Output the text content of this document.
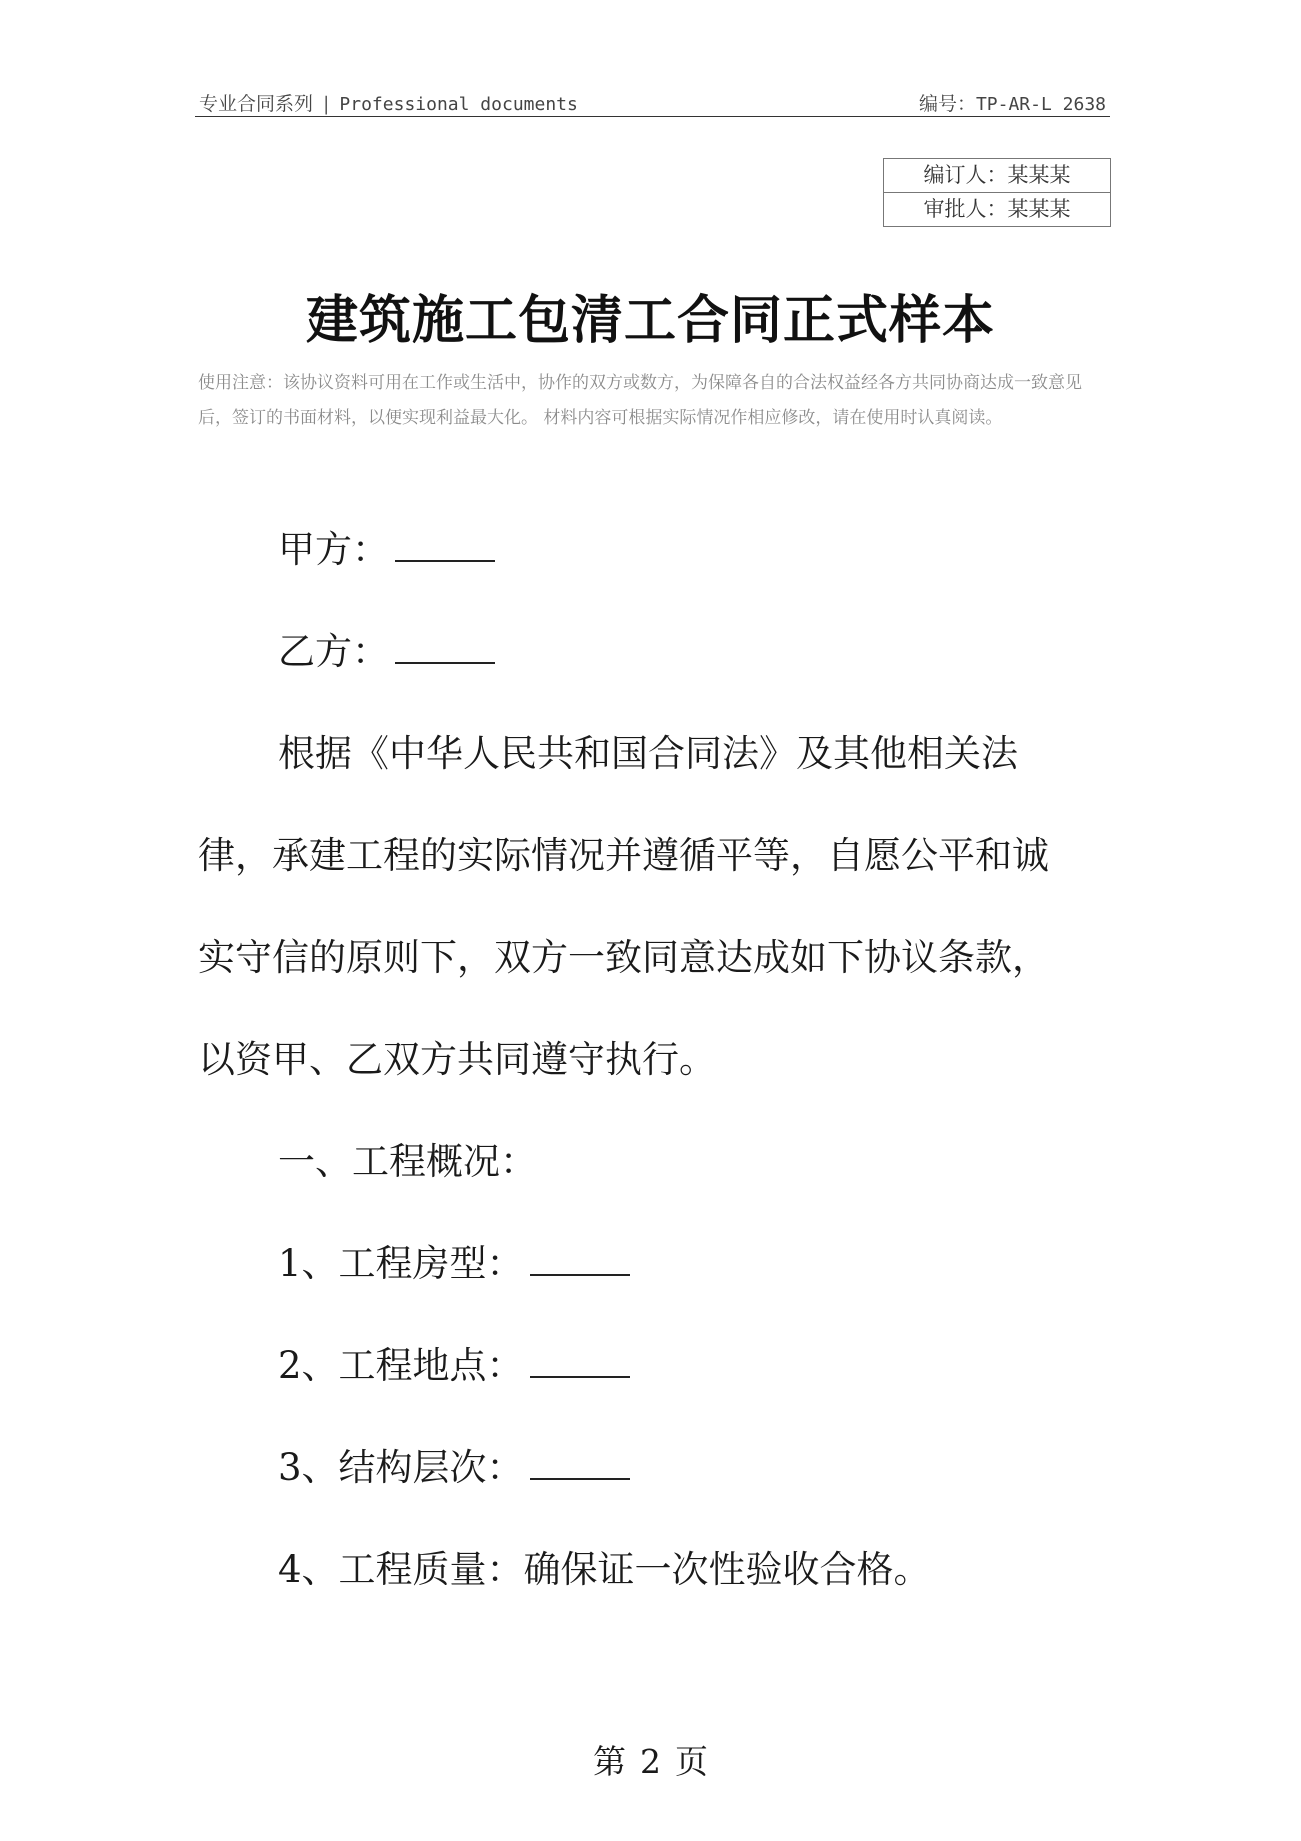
专业合同系列 | Professional documents	编号：TP-AR-L 2638
编订人：某某某
审批人：某某某
建筑施工包清工合同正式样本
使用注意：该协议资料可用在工作或生活中，协作的双方或数方，为保障各自的合法权益经各方共同协商达成一致意见后，签订的书面材料，以便实现利益最大化。 材料内容可根据实际情况作相应修改，请在使用时认真阅读。
甲方：
乙方：
根据《中华人民共和国合同法》及其他相关法
律，承建工程的实际情况并遵循平等，自愿公平和诚
实守信的原则下，双方一致同意达成如下协议条款，
以资甲、乙双方共同遵守执行。
一、工程概况：
1、工程房型：
2、工程地点：
3、结构层次：
4、工程质量：确保证一次性验收合格。
第 2 页
